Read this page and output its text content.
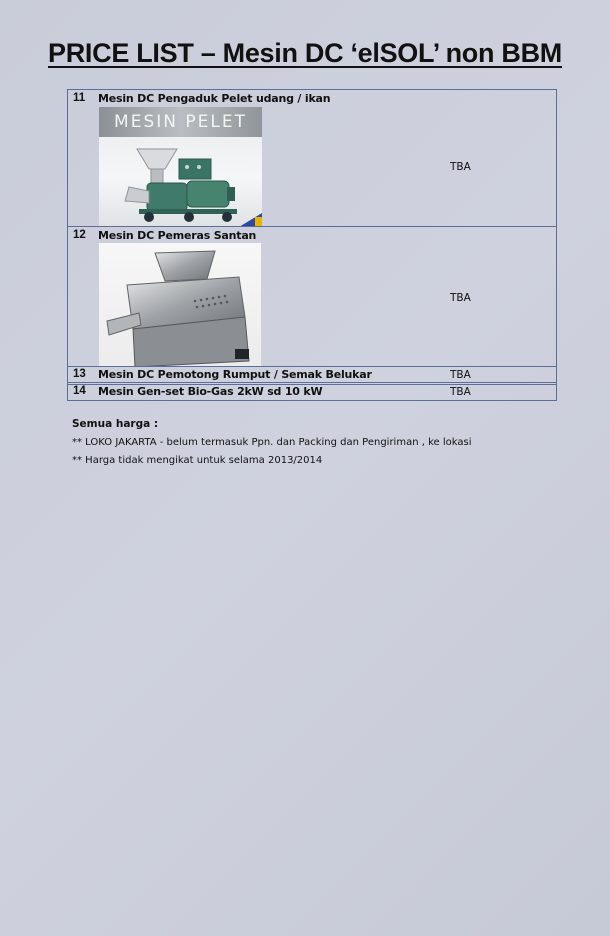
PRICE LIST – Mesin DC ‘elSOL’ non BBM
11 Mesin DC Pengaduk Pelet udang / ikan
MESIN PELET
TBA
12 Mesin DC Pemeras Santan
TBA
13 Mesin DC Pemotong Rumput / Semak Belukar	TBA
14 Mesin Gen-set Bio-Gas 2kW sd 10 kW	TBA
Semua harga :
** LOKO JAKARTA - belum termasuk Ppn. dan Packing dan Pengiriman , ke lokasi
** Harga tidak mengikat untuk selama 2013/2014
